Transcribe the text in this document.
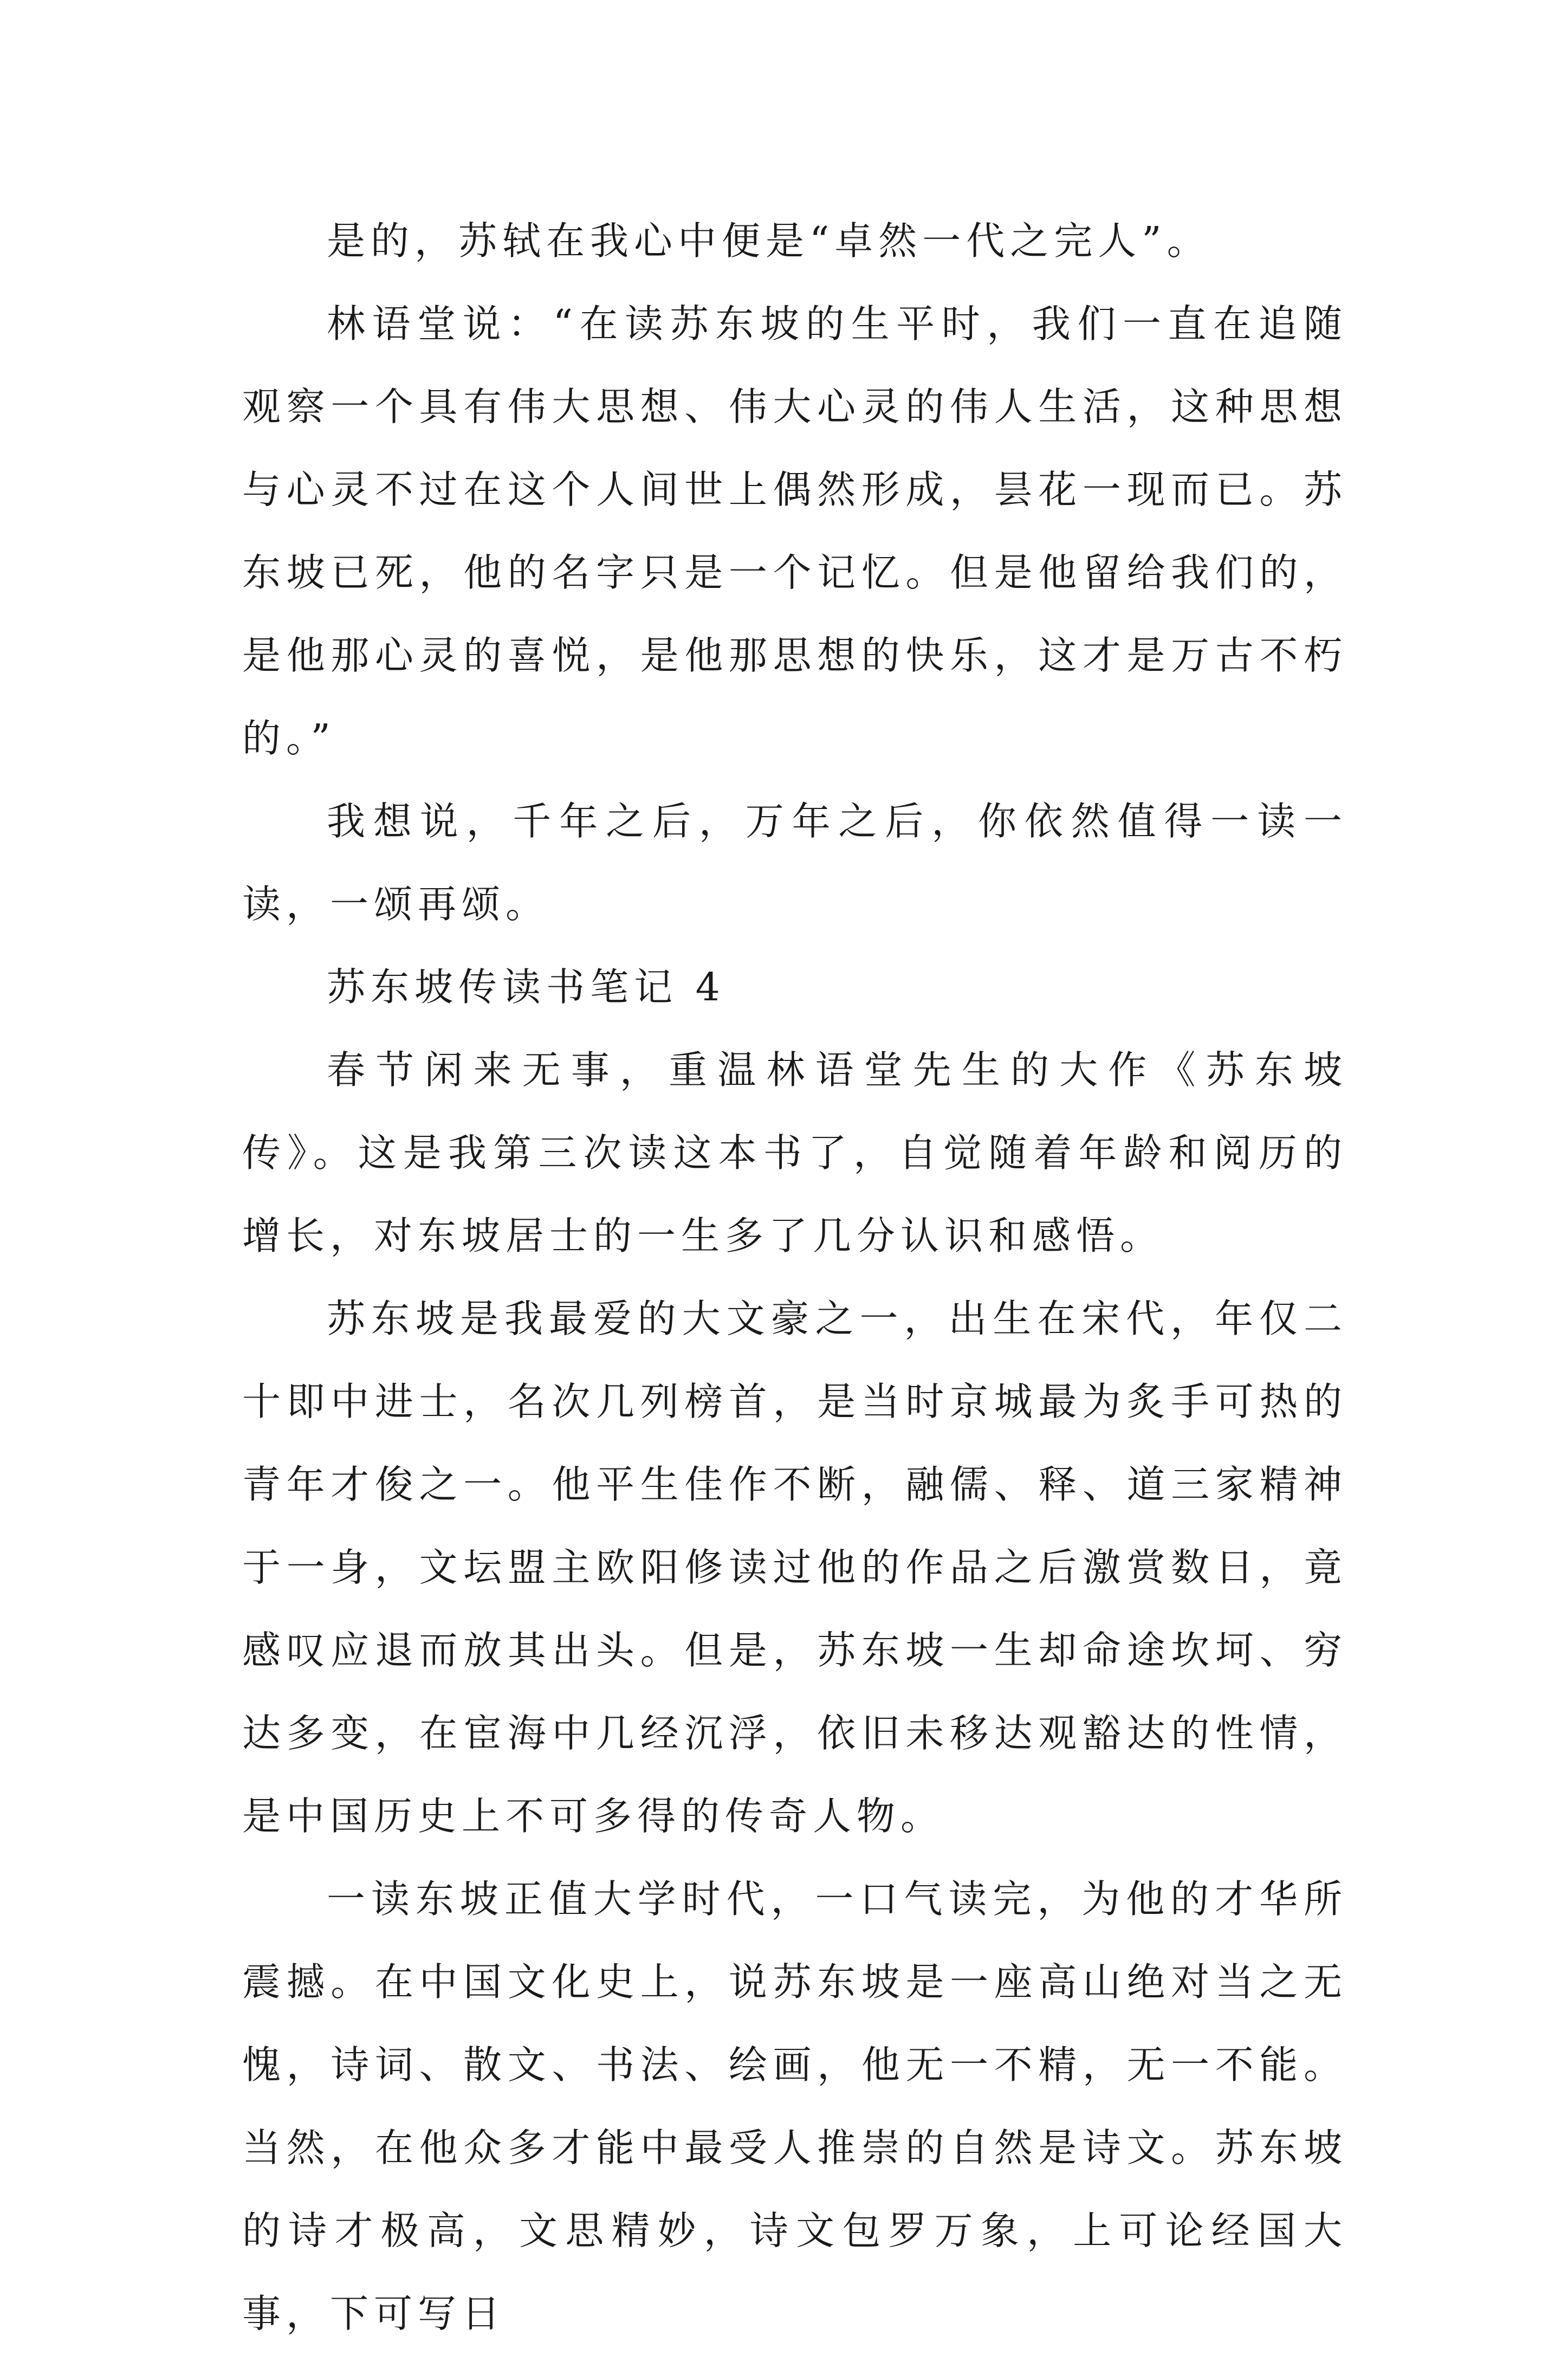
是的，苏轼在我心中便是“卓然一代之完人”。

林语堂说：“在读苏东坡的生平时，我们一直在追随观察一个具有伟大思想、伟大心灵的伟人生活，这种思想与心灵不过在这个人间世上偶然形成，昙花一现而已。苏东坡已死，他的名字只是一个记忆。但是他留给我们的，是他那心灵的喜悦，是他那思想的快乐，这才是万古不朽的。”

我想说，千年之后，万年之后，你依然值得一读一读，一颂再颂。

苏东坡传读书笔记 4

春节闲来无事，重温林语堂先生的大作《苏东坡传》。这是我第三次读这本书了，自觉随着年龄和阅历的增长，对东坡居士的一生多了几分认识和感悟。

苏东坡是我最爱的大文豪之一，出生在宋代，年仅二十即中进士，名次几列榜首，是当时京城最为炙手可热的青年才俊之一。他平生佳作不断，融儒、释、道三家精神于一身，文坛盟主欧阳修读过他的作品之后激赏数日，竟感叹应退而放其出头。但是，苏东坡一生却命途坎坷、穷达多变，在宦海中几经沉浮，依旧未移达观豁达的性情，是中国历史上不可多得的传奇人物。

一读东坡正值大学时代，一口气读完，为他的才华所震撼。在中国文化史上，说苏东坡是一座高山绝对当之无愧，诗词、散文、书法、绘画，他无一不精，无一不能。当然，在他众多才能中最受人推崇的自然是诗文。苏东坡的诗才极高，文思精妙，诗文包罗万象，上可论经国大事，下可写日
